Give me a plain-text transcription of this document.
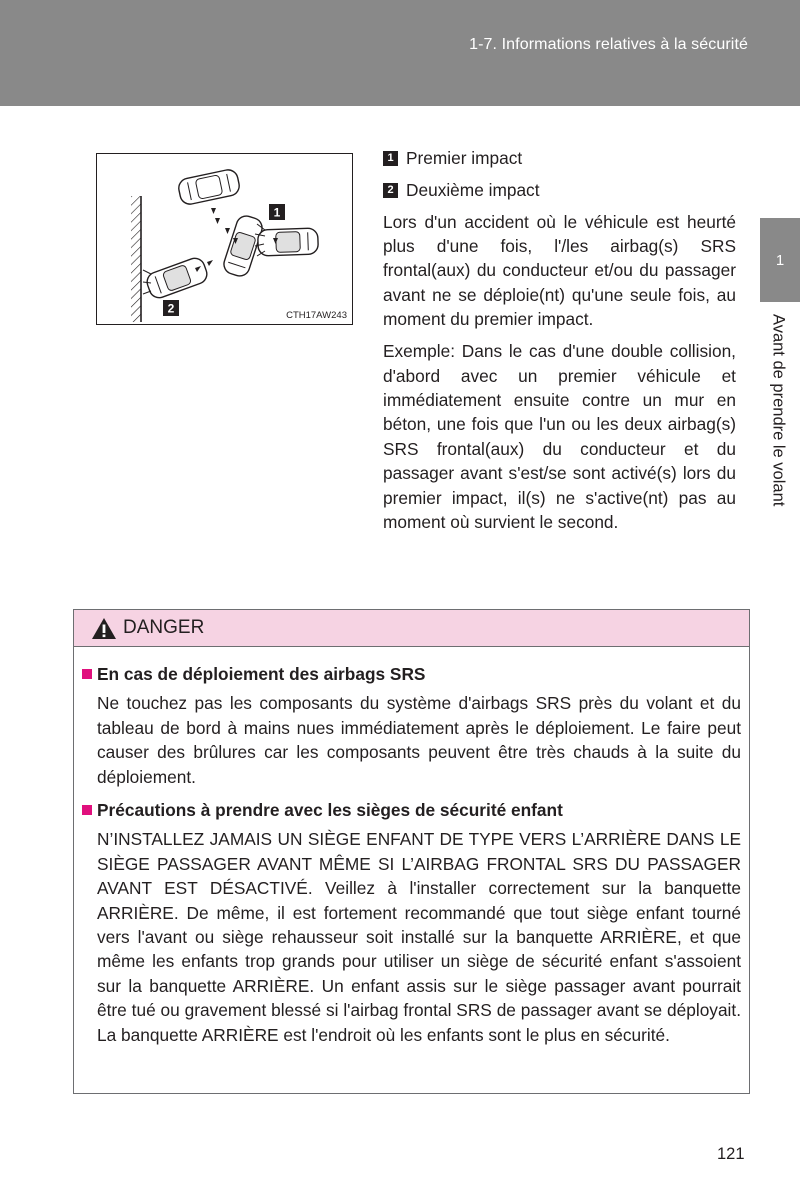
1-7. Informations relatives à la sécurité
1
Avant de prendre le volant
1
2	CTH17AW243
1 Premier impact
2 Deuxième impact

Lors d'un accident où le véhicule est heurté plus d'une fois, l'/les airbag(s) SRS frontal(aux) du conducteur et/ou du passager avant ne se déploie(nt) qu'une seule fois, au moment du premier impact.

Exemple: Dans le cas d'une double collision, d'abord avec un premier véhicule et immédiatement ensuite contre un mur en béton, une fois que l'un ou les deux airbag(s) SRS frontal(aux) du conducteur et du passager avant s'est/se sont activé(s) lors du premier impact, il(s) ne s'active(nt) pas au moment où survient le second.

DANGER
En cas de déploiement des airbags SRS

Ne touchez pas les composants du système d'airbags SRS près du volant et du tableau de bord à mains nues immédiatement après le déploiement. Le faire peut causer des brûlures car les composants peuvent être très chauds à la suite du déploiement.

Précautions à prendre avec les sièges de sécurité enfant

N’INSTALLEZ JAMAIS UN SIÈGE ENFANT DE TYPE VERS L’ARRIÈRE DANS LE SIÈGE PASSAGER AVANT MÊME SI L’AIRBAG FRONTAL SRS DU PASSAGER AVANT EST DÉSACTIVÉ. Veillez à l'installer correctement sur la banquette ARRIÈRE. De même, il est fortement recommandé que tout siège enfant tourné vers l'avant ou siège rehausseur soit installé sur la banquette ARRIÈRE, et que même les enfants trop grands pour utiliser un siège de sécurité enfant s'assoient sur la banquette ARRIÈRE. Un enfant assis sur le siège passager avant pourrait être tué ou gravement blessé si l'airbag frontal SRS de passager avant se déployait. La banquette ARRIÈRE est l'endroit où les enfants sont le plus en sécurité.

121
